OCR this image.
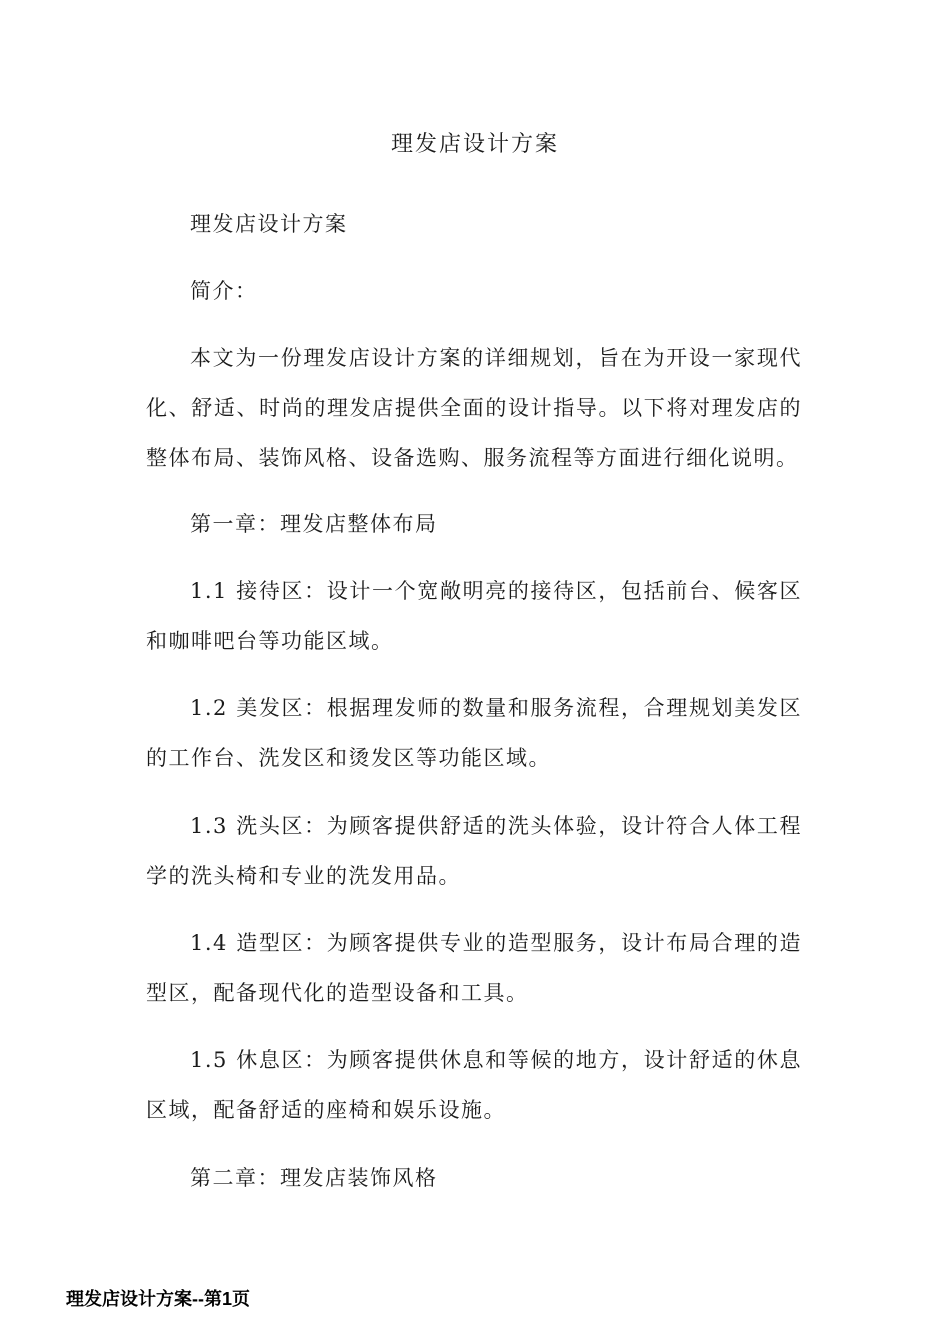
理发店设计方案

理发店设计方案

简介：

本文为一份理发店设计方案的详细规划，旨在为开设一家现代化、舒适、时尚的理发店提供全面的设计指导。以下将对理发店的整体布局、装饰风格、设备选购、服务流程等方面进行细化说明。

第一章：理发店整体布局

1.1 接待区：设计一个宽敞明亮的接待区，包括前台、候客区和咖啡吧台等功能区域。

1.2 美发区：根据理发师的数量和服务流程，合理规划美发区的工作台、洗发区和烫发区等功能区域。

1.3 洗头区：为顾客提供舒适的洗头体验，设计符合人体工程学的洗头椅和专业的洗发用品。

1.4 造型区：为顾客提供专业的造型服务，设计布局合理的造型区，配备现代化的造型设备和工具。

1.5 休息区：为顾客提供休息和等候的地方，设计舒适的休息区域，配备舒适的座椅和娱乐设施。

第二章：理发店装饰风格

理发店设计方案--第1页
